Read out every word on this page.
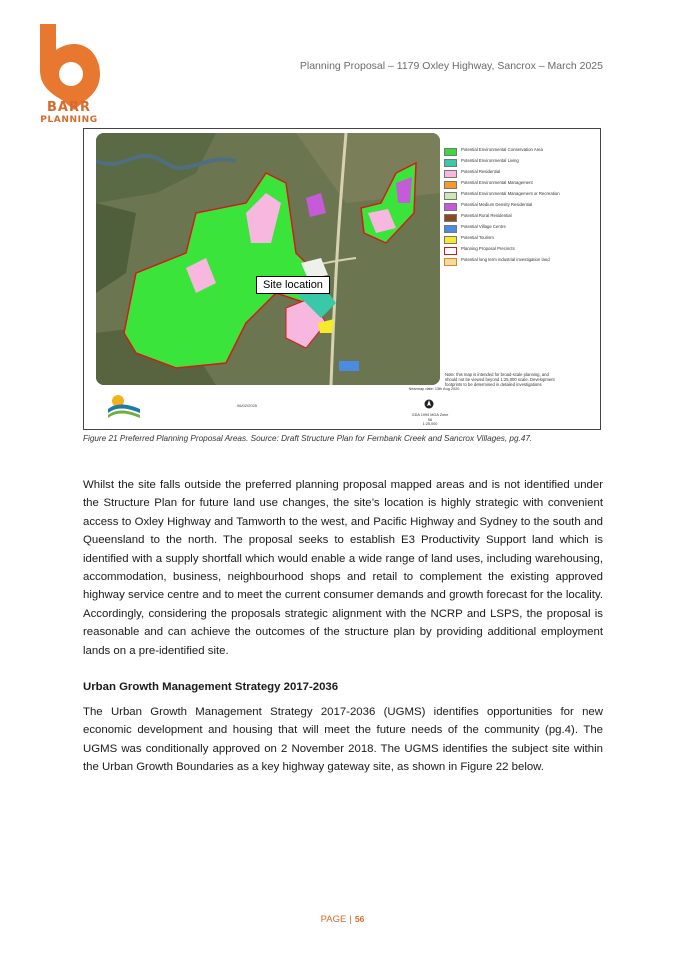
BARR
PLANNING
Planning Proposal – 1179 Oxley Highway, Sancrox – March 2025
Site location
Potential Environmental Conservation Area
Potential Environmental Living
Potential Residential
Potential Environmental Management
Potential Environmental Management or Recreation
Potential Medium Density Residential
Potential Rural Residential
Potential Village Centre
Potential Tourism
Planning Proposal Precincts
Potential long term industrial investigation land
Note: this map is intended for broad-scale planning, and should not be viewed beyond 1:25,000 scale. Development footprints to be determined in detailed investigations
06/02/2025
Nearmap date: 13th Aug 2020
GDA 1994 MGA Zone 56
1:25,000
Figure 21 Preferred Planning Proposal Areas. Source: Draft Structure Plan for Fernbank Creek and Sancrox Villages, pg.47.

Whilst the site falls outside the preferred planning proposal mapped areas and is not identified under the Structure Plan for future land use changes, the site’s location is highly strategic with convenient access to Oxley Highway and Tamworth to the west, and Pacific Highway and Sydney to the south and Queensland to the north. The proposal seeks to establish E3 Productivity Support land which is identified with a supply shortfall which would enable a wide range of land uses, including warehousing, accommodation, business, neighbourhood shops and retail to complement the existing approved highway service centre and to meet the current consumer demands and growth forecast for the locality. Accordingly, considering the proposals strategic alignment with the NCRP and LSPS, the proposal is reasonable and can achieve the outcomes of the structure plan by providing additional employment lands on a pre-identified site.

Urban Growth Management Strategy 2017-2036

The Urban Growth Management Strategy 2017-2036 (UGMS) identifies opportunities for new economic development and housing that will meet the future needs of the community (pg.4). The UGMS was conditionally approved on 2 November 2018. The UGMS identifies the subject site within the Urban Growth Boundaries as a key highway gateway site, as shown in Figure 22 below.

PAGE | 56
